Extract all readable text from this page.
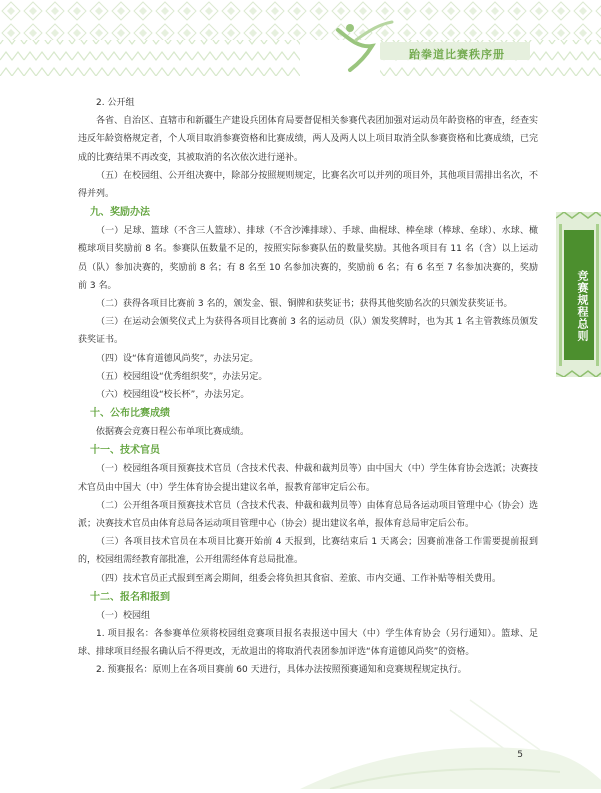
跆拳道比赛秩序册
竞赛规程总则

2. 公开组

各省、自治区、直辖市和新疆生产建设兵团体育局要督促相关参赛代表团加强对运动员年龄资格的审查，经查实违反年龄资格规定者，个人项目取消参赛资格和比赛成绩，两人及两人以上项目取消全队参赛资格和比赛成绩，已完成的比赛结果不再改变，其被取消的名次依次进行递补。

（五）在校园组、公开组决赛中，除部分按照规则规定，比赛名次可以并列的项目外，其他项目需排出名次，不得并列。

九、奖励办法

（一）足球、篮球（不含三人篮球）、排球（不含沙滩排球）、手球、曲棍球、棒垒球（棒球、垒球）、水球、橄榄球项目奖励前 8 名。参赛队伍数量不足的，按照实际参赛队伍的数量奖励。其他各项目有 11 名（含）以上运动员（队）参加决赛的，奖励前 8 名；有 8 名至 10 名参加决赛的，奖励前 6 名；有 6 名至 7 名参加决赛的，奖励前 3 名。

（二）获得各项目比赛前 3 名的，颁发金、银、铜牌和获奖证书；获得其他奖励名次的只颁发获奖证书。

（三）在运动会颁奖仪式上为获得各项目比赛前 3 名的运动员（队）颁发奖牌时，也为其 1 名主管教练员颁发获奖证书。

（四）设“体育道德风尚奖”，办法另定。

（五）校园组设“优秀组织奖”，办法另定。

（六）校园组设“校长杯”，办法另定。

十、公布比赛成绩

依据赛会竞赛日程公布单项比赛成绩。

十一、技术官员

（一）校园组各项目预赛技术官员（含技术代表、仲裁和裁判员等）由中国大（中）学生体育协会选派；决赛技术官员由中国大（中）学生体育协会提出建议名单，报教育部审定后公布。

（二）公开组各项目预赛技术官员（含技术代表、仲裁和裁判员等）由体育总局各运动项目管理中心（协会）选派；决赛技术官员由体育总局各运动项目管理中心（协会）提出建议名单，报体育总局审定后公布。

（三）各项目技术官员在本项目比赛开始前 4 天报到，比赛结束后 1 天离会；因赛前准备工作需要提前报到的，校园组需经教育部批准，公开组需经体育总局批准。

（四）技术官员正式报到至离会期间，组委会将负担其食宿、差旅、市内交通、工作补贴等相关费用。

十二、报名和报到

（一）校园组

1. 项目报名：各参赛单位须将校园组竞赛项目报名表报送中国大（中）学生体育协会（另行通知）。篮球、足球、排球项目经报名确认后不得更改，无故退出的将取消代表团参加评选“体育道德风尚奖”的资格。

2. 预赛报名：原则上在各项目赛前 60 天进行，具体办法按照预赛通知和竞赛规程规定执行。

5
